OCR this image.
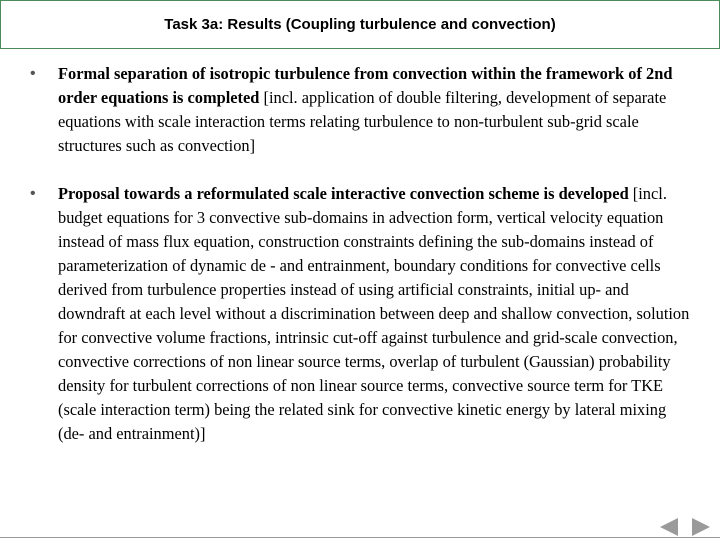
Task 3a: Results (Coupling turbulence and convection)
• Formal separation of isotropic turbulence from convection within the framework of 2nd order equations is completed [incl. application of double filtering, development of separate equations with scale interaction terms relating turbulence to non-turbulent sub-grid scale structures such as convection]
• Proposal towards a reformulated scale interactive convection scheme is developed [incl. budget equations for 3 convective sub-domains in advection form, vertical velocity equation instead of mass flux equation, construction constraints defining the sub-domains instead of parameterization of dynamic de - and entrainment, boundary conditions for convective cells derived from turbulence properties instead of using artificial constraints, initial up- and downdraft at each level without a discrimination between deep and shallow convection, solution for convective volume fractions, intrinsic cut-off against turbulence and grid-scale convection, convective corrections of non linear source terms, overlap of turbulent (Gaussian) probability density for turbulent corrections of non linear source terms, convective source term for TKE (scale interaction term) being the related sink for convective kinetic energy by lateral mixing (de- and entrainment)]
